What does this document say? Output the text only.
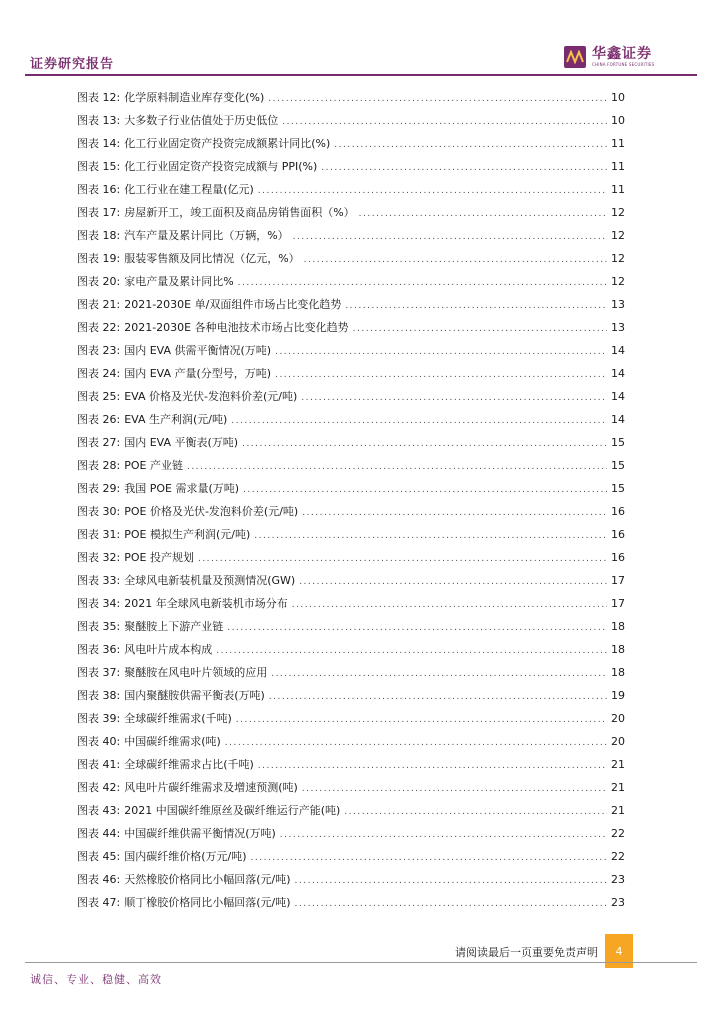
证券研究报告
华鑫证券
CHINA FORTUNE SECURITIES
图表 12: 化学原料制造业库存变化(%) .....	10
图表 13: 大多数子行业估值处于历史低位 .....	10
图表 14: 化工行业固定资产投资完成额累计同比(%) .....	11
图表 15: 化工行业固定资产投资完成额与 PPI(%) .....	11
图表 16: 化工行业在建工程量(亿元) .....	11
图表 17: 房屋新开工，竣工面积及商品房销售面积（%） .....	12
图表 18: 汽车产量及累计同比（万辆，%） .....	12
图表 19: 服装零售额及同比情况（亿元，%） .....	12
图表 20: 家电产量及累计同比% .....	12
图表 21: 2021-2030E 单/双面组件市场占比变化趋势 .....	13
图表 22: 2021-2030E 各种电池技术市场占比变化趋势 .....	13
图表 23: 国内 EVA 供需平衡情况(万吨) .....	14
图表 24: 国内 EVA 产量(分型号，万吨) .....	14
图表 25: EVA 价格及光伏-发泡料价差(元/吨) .....	14
图表 26: EVA 生产利润(元/吨) .....	14
图表 27: 国内 EVA 平衡表(万吨) .....	15
图表 28: POE 产业链 .....	15
图表 29: 我国 POE 需求量(万吨) .....	15
图表 30: POE 价格及光伏-发泡料价差(元/吨) .....	16
图表 31: POE 模拟生产利润(元/吨) .....	16
图表 32: POE 投产规划 .....	16
图表 33: 全球风电新装机量及预测情况(GW) .....	17
图表 34: 2021 年全球风电新装机市场分布 .....	17
图表 35: 聚醚胺上下游产业链 .....	18
图表 36: 风电叶片成本构成 .....	18
图表 37: 聚醚胺在风电叶片领域的应用 .....	18
图表 38: 国内聚醚胺供需平衡表(万吨) .....	19
图表 39: 全球碳纤维需求(千吨) .....	20
图表 40: 中国碳纤维需求(吨) .....	20
图表 41: 全球碳纤维需求占比(千吨) .....	21
图表 42: 风电叶片碳纤维需求及增速预测(吨) .....	21
图表 43: 2021 中国碳纤维原丝及碳纤维运行产能(吨) .....	21
图表 44: 中国碳纤维供需平衡情况(万吨) .....	22
图表 45: 国内碳纤维价格(万元/吨) .....	22
图表 46: 天然橡胶价格同比小幅回落(元/吨) .....	23
图表 47: 顺丁橡胶价格同比小幅回落(元/吨) .....	23
请阅读最后一页重要免责声明 4
诚信、专业、稳健、高效
